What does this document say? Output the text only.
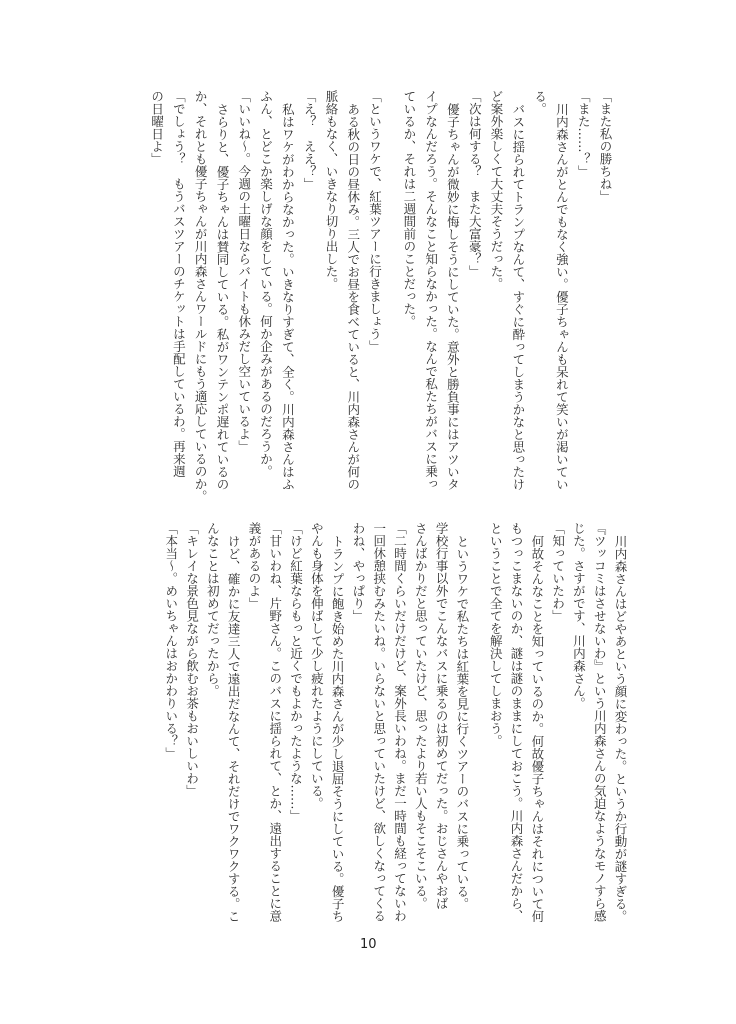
「また私の勝ちね」
「また……？」
川内森さんがとんでもなく強い。優子ちゃんも呆れて笑いが渇いてい
る。
バスに揺られてトランプなんて、すぐに酔ってしまうかなと思ったけ
ど案外楽しくて大丈夫そうだった。
「次は何する？　また大富豪？」
優子ちゃんが微妙に悔しそうにしていた。意外と勝負事にはアツいタ
イプなんだろう。そんなこと知らなかった。なんで私たちがバスに乗っ
ているか、それは二週間前のことだった。
「というワケで、紅葉ツアーに行きましょう」
ある秋の日の昼休み。三人でお昼を食べていると、川内森さんが何の
脈絡もなく、いきなり切り出した。
「え？　ええ？」
私はワケがわからなかった。いきなりすぎて、全く。川内森さんはふ
ふん、とどこか楽しげな顔をしている。何か企みがあるのだろうか。
「いいね～。今週の土曜日ならバイトも休みだし空いているよ」
さらりと、優子ちゃんは賛同している。私がワンテンポ遅れているの
か、それとも優子ちゃんが川内森さんワールドにもう適応しているのか。
「でしょう？　もうバスツアーのチケットは手配しているわ。再来週
の日曜日よ」
川内森さんはどやあという顔に変わった。というか行動が謎すぎる。
『ツッコミはさせないわ』という川内森さんの気迫なようなモノすら感
じた。さすがです、川内森さん。
「知っていたわ」
何故そんなことを知っているのか。何故優子ちゃんはそれについて何
もつっこまないのか、謎は謎のままにしておこう。川内森さんだから、
ということで全てを解決してしまおう。
というワケで私たちは紅葉を見に行くツアーのバスに乗っている。
学校行事以外でこんなバスに乗るのは初めてだった。おじさんやおば
さんばかりだと思っていたけど、思ったより若い人もそこそこいる。
「二時間くらいだけだけど、案外長いわね。まだ一時間も経ってないわ
一回休憩挟むみたいね。いらないと思っていたけど、欲しくなってくる
わね、やっぱり」
トランプに飽き始めた川内森さんが少し退屈そうにしている。優子ち
やんも身体を伸ばして少し疲れたようにしている。
「けど紅葉ならもっと近くでもよかったような……」
「甘いわね、片野さん。このバスに揺られて、とか、遠出することに意
義があるのよ」
けど、確かに友達三人で遠出だなんて、それだけでワクワクする。こ
んなことは初めてだったから。
「キレイな景色見ながら飲むお茶もおいしいわ」
「本当～。めいちゃんはおかわりいる？」
10
